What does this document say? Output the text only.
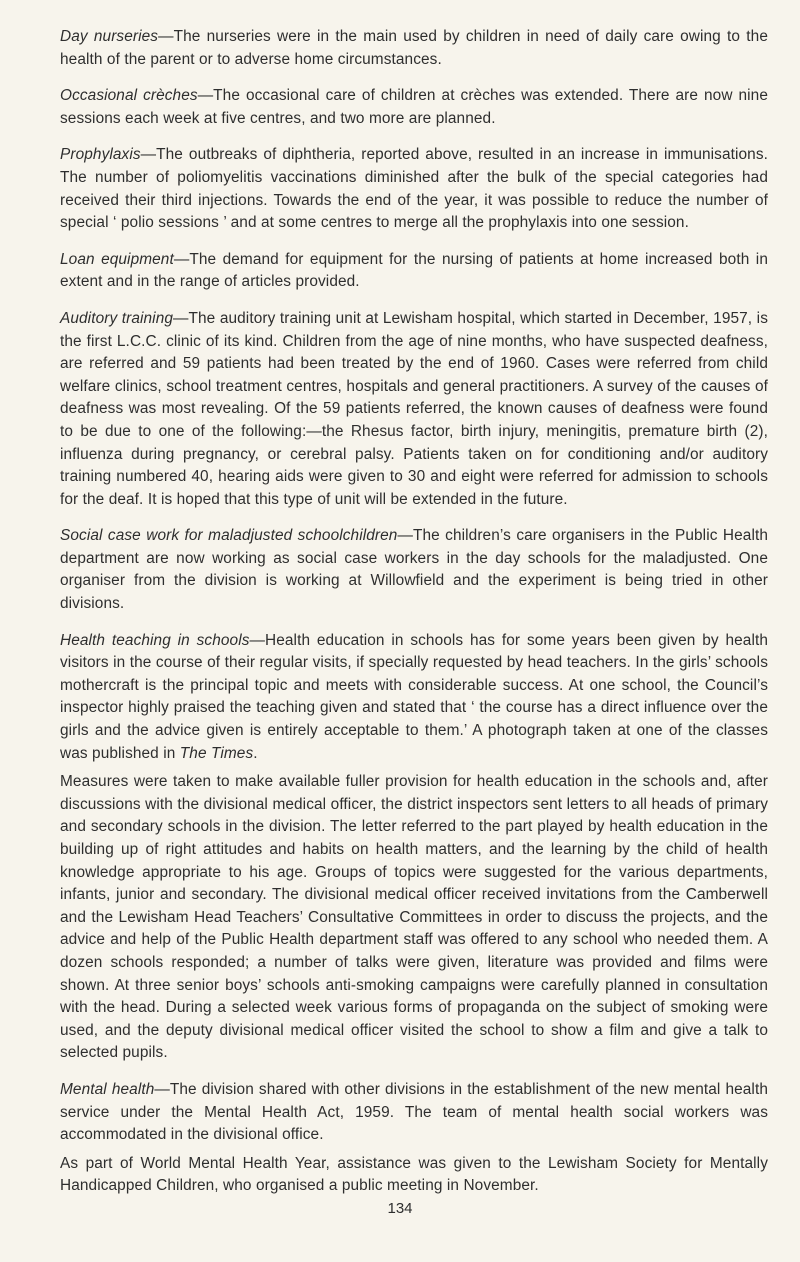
Day nurseries—The nurseries were in the main used by children in need of daily care owing to the health of the parent or to adverse home circumstances.

Occasional crèches—The occasional care of children at crèches was extended. There are now nine sessions each week at five centres, and two more are planned.

Prophylaxis—The outbreaks of diphtheria, reported above, resulted in an increase in immunisations. The number of poliomyelitis vaccinations diminished after the bulk of the special categories had received their third injections. Towards the end of the year, it was possible to reduce the number of special ‘ polio sessions ’ and at some centres to merge all the prophylaxis into one session.

Loan equipment—The demand for equipment for the nursing of patients at home increased both in extent and in the range of articles provided.

Auditory training—The auditory training unit at Lewisham hospital, which started in December, 1957, is the first L.C.C. clinic of its kind. Children from the age of nine months, who have suspected deafness, are referred and 59 patients had been treated by the end of 1960. Cases were referred from child welfare clinics, school treatment centres, hospitals and general practitioners. A survey of the causes of deafness was most revealing. Of the 59 patients referred, the known causes of deafness were found to be due to one of the following:—the Rhesus factor, birth injury, meningitis, premature birth (2), influenza during pregnancy, or cerebral palsy. Patients taken on for conditioning and/or auditory training numbered 40, hearing aids were given to 30 and eight were referred for admission to schools for the deaf. It is hoped that this type of unit will be extended in the future.

Social case work for maladjusted schoolchildren—The children’s care organisers in the Public Health department are now working as social case workers in the day schools for the maladjusted. One organiser from the division is working at Willowfield and the experiment is being tried in other divisions.

Health teaching in schools—Health education in schools has for some years been given by health visitors in the course of their regular visits, if specially requested by head teachers. In the girls’ schools mothercraft is the principal topic and meets with considerable success. At one school, the Council’s inspector highly praised the teaching given and stated that ‘ the course has a direct influence over the girls and the advice given is entirely acceptable to them.’ A photograph taken at one of the classes was published in The Times.

Measures were taken to make available fuller provision for health education in the schools and, after discussions with the divisional medical officer, the district inspectors sent letters to all heads of primary and secondary schools in the division. The letter referred to the part played by health education in the building up of right attitudes and habits on health matters, and the learning by the child of health knowledge appropriate to his age. Groups of topics were suggested for the various departments, infants, junior and secondary. The divisional medical officer received invitations from the Camberwell and the Lewisham Head Teachers’ Consultative Committees in order to discuss the projects, and the advice and help of the Public Health department staff was offered to any school who needed them. A dozen schools responded; a number of talks were given, literature was provided and films were shown. At three senior boys’ schools anti-smoking campaigns were carefully planned in consultation with the head. During a selected week various forms of propaganda on the subject of smoking were used, and the deputy divisional medical officer visited the school to show a film and give a talk to selected pupils.

Mental health—The division shared with other divisions in the establishment of the new mental health service under the Mental Health Act, 1959. The team of mental health social workers was accommodated in the divisional office.

As part of World Mental Health Year, assistance was given to the Lewisham Society for Mentally Handicapped Children, who organised a public meeting in November.

134
